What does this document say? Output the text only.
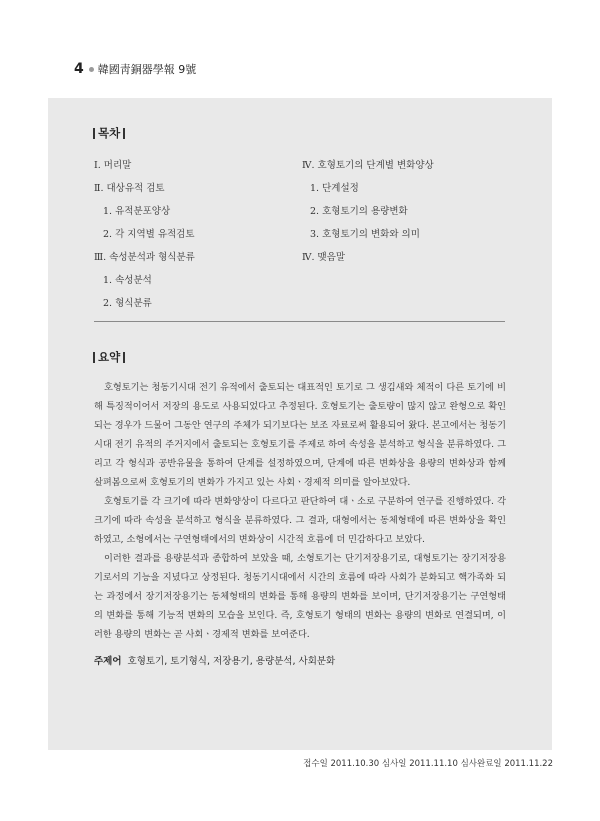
4 韓國靑銅器學報 9號
목차
Ⅰ. 머리말
Ⅱ. 대상유적 검토
1. 유적분포양상
2. 각 지역별 유적검토
Ⅲ. 속성분석과 형식분류
1. 속성분석
2. 형식분류
Ⅳ. 호형토기의 단계별 변화양상
1. 단계설정
2. 호형토기의 용량변화
3. 호형토기의 변화와 의미
Ⅳ. 맺음말
요약

호형토기는 청동기시대 전기 유적에서 출토되는 대표적인 토기로 그 생김새와 체적이 다른 토기에 비해 특징적이어서 저장의 용도로 사용되었다고 추정된다. 호형토기는 출토량이 많지 않고 완형으로 확인되는 경우가 드물어 그동안 연구의 주체가 되기보다는 보조 자료로써 활용되어 왔다. 본고에서는 청동기시대 전기 유적의 주거지에서 출토되는 호형토기를 주제로 하여 속성을 분석하고 형식을 분류하였다. 그리고 각 형식과 공반유물을 통하여 단계를 설정하였으며, 단계에 따른 변화상을 용량의 변화상과 함께 살펴봄으로써 호형토기의 변화가 가지고 있는 사회ㆍ경제적 의미를 알아보았다.

호형토기를 각 크기에 따라 변화양상이 다르다고 판단하여 대ㆍ소로 구분하여 연구를 진행하였다. 각 크기에 따라 속성을 분석하고 형식을 분류하였다. 그 결과, 대형에서는 동체형태에 따른 변화상을 확인하였고, 소형에서는 구연형태에서의 변화상이 시간적 흐름에 더 민감하다고 보았다.

이러한 결과를 용량분석과 종합하여 보았을 때, 소형토기는 단기저장용기로, 대형토기는 장기저장용기로서의 기능을 지녔다고 상정된다. 청동기시대에서 시간의 흐름에 따라 사회가 분화되고 핵가족화 되는 과정에서 장기저장용기는 동체형태의 변화를 통해 용량의 변화를 보이며, 단기저장용기는 구연형태의 변화를 통해 기능적 변화의 모습을 보인다. 즉, 호형토기 형태의 변화는 용량의 변화로 연결되며, 이러한 용량의 변화는 곧 사회ㆍ경제적 변화를 보여준다.

주제어 호형토기, 토기형식, 저장용기, 용량분석, 사회분화
접수일 2011.10.30 심사일 2011.11.10 심사완료일 2011.11.22
